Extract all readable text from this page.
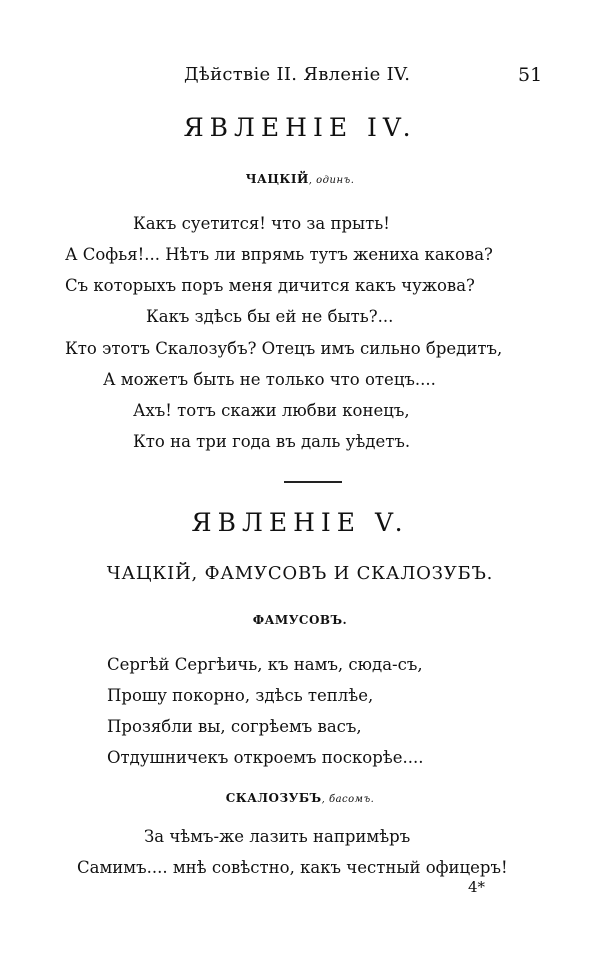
Дѣйствiе II. Явленiе IV.	51
ЯВЛЕНIЕ IV.
ЧАЦКIЙ, одинъ.
Какъ суетится! что за прыть!
А Софья!... Нѣтъ ли впрямь тутъ жениха какова?
Съ которыхъ поръ меня дичится какъ чужова?
Какъ здѣсь бы ей не быть?...
Кто этотъ Скалозубъ? Отецъ имъ сильно бредитъ,
А можетъ быть не только что отецъ....
Ахъ! тотъ скажи любви конецъ,
Кто на три года въ даль уѣдетъ.
ЯВЛЕНIЕ V.
ЧАЦКIЙ, ФАМУСОВЪ И СКАЛОЗУБЪ.
ФАМУСОВЪ.
Сергѣй Сергѣичь, къ намъ, сюда-съ,
Прошу покорно, здѣсь теплѣе,
Прозябли вы, согрѣемъ васъ,
Отдушничекъ откроемъ поскорѣе....
СКАЛОЗУБЪ, басомъ.
За чѣмъ-же лазить напримѣръ
Самимъ.... мнѣ совѣстно, какъ честный офицеръ!
4*
